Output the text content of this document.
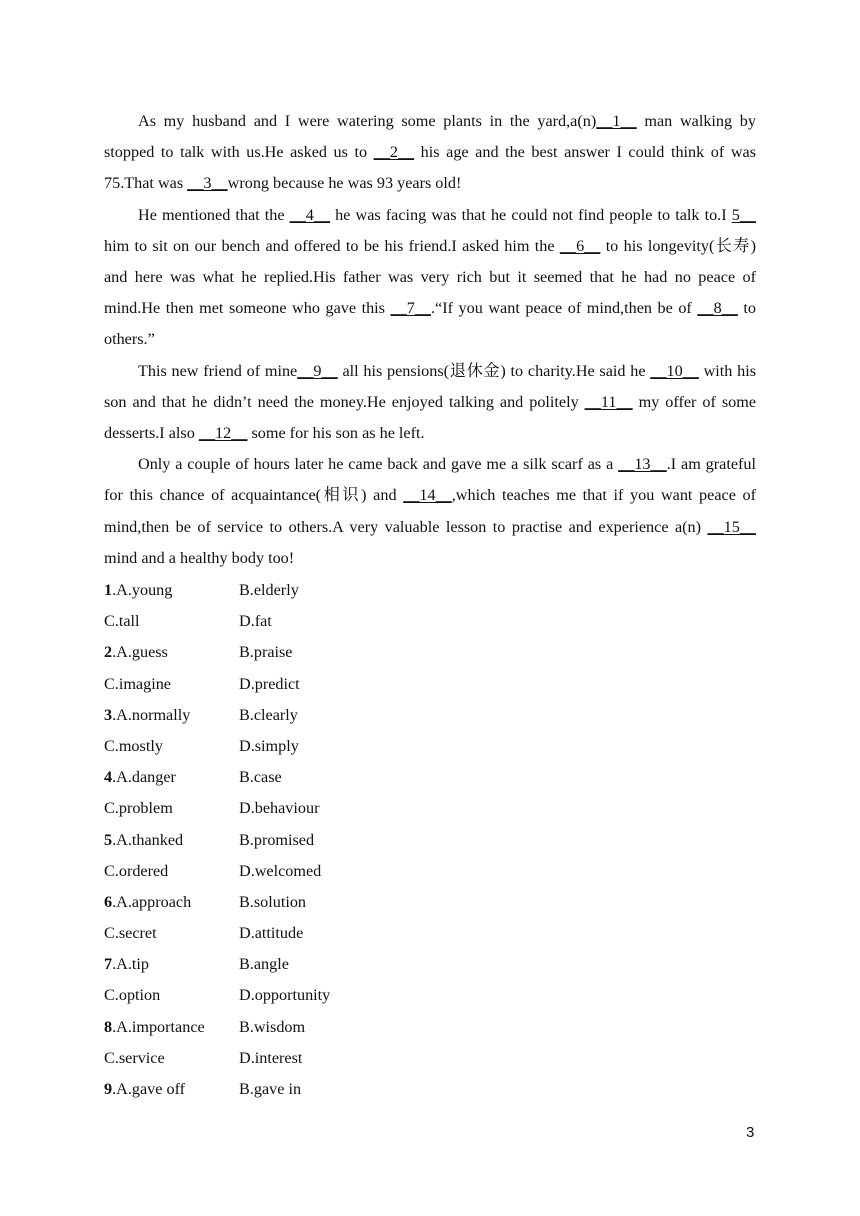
As my husband and I were watering some plants in the yard,a(n)__1__ man walking by stopped to talk with us.He asked us to __2__ his age and the best answer I could think of was 75.That was __3__wrong because he was 93 years old!

He mentioned that the __4__ he was facing was that he could not find people to talk to.I 5__ him to sit on our bench and offered to be his friend.I asked him the __6__ to his longevity(长寿) and here was what he replied.His father was very rich but it seemed that he had no peace of mind.He then met someone who gave this __7__.“If you want peace of mind,then be of __8__ to others.”

This new friend of mine__9__ all his pensions(退休金) to charity.He said he __10__ with his son and that he didn’t need the money.He enjoyed talking and politely __11__ my offer of some desserts.I also __12__ some for his son as he left.

Only a couple of hours later he came back and gave me a silk scarf as a __13__.I am grateful for this chance of acquaintance(相识) and __14__,which teaches me that if you want peace of mind,then be of service to others.A very valuable lesson to practise and experience a(n) __15__ mind and a healthy body too!

1.A.young	B.elderly
C.tall	D.fat
2.A.guess	B.praise
C.imagine	D.predict
3.A.normally	B.clearly
C.mostly	D.simply
4.A.danger	B.case
C.problem	D.behaviour
5.A.thanked	B.promised
C.ordered	D.welcomed
6.A.approach	B.solution
C.secret	D.attitude
7.A.tip	B.angle
C.option	D.opportunity
8.A.importance B.wisdom
C.service	D.interest
9.A.gave off	B.gave in
3
